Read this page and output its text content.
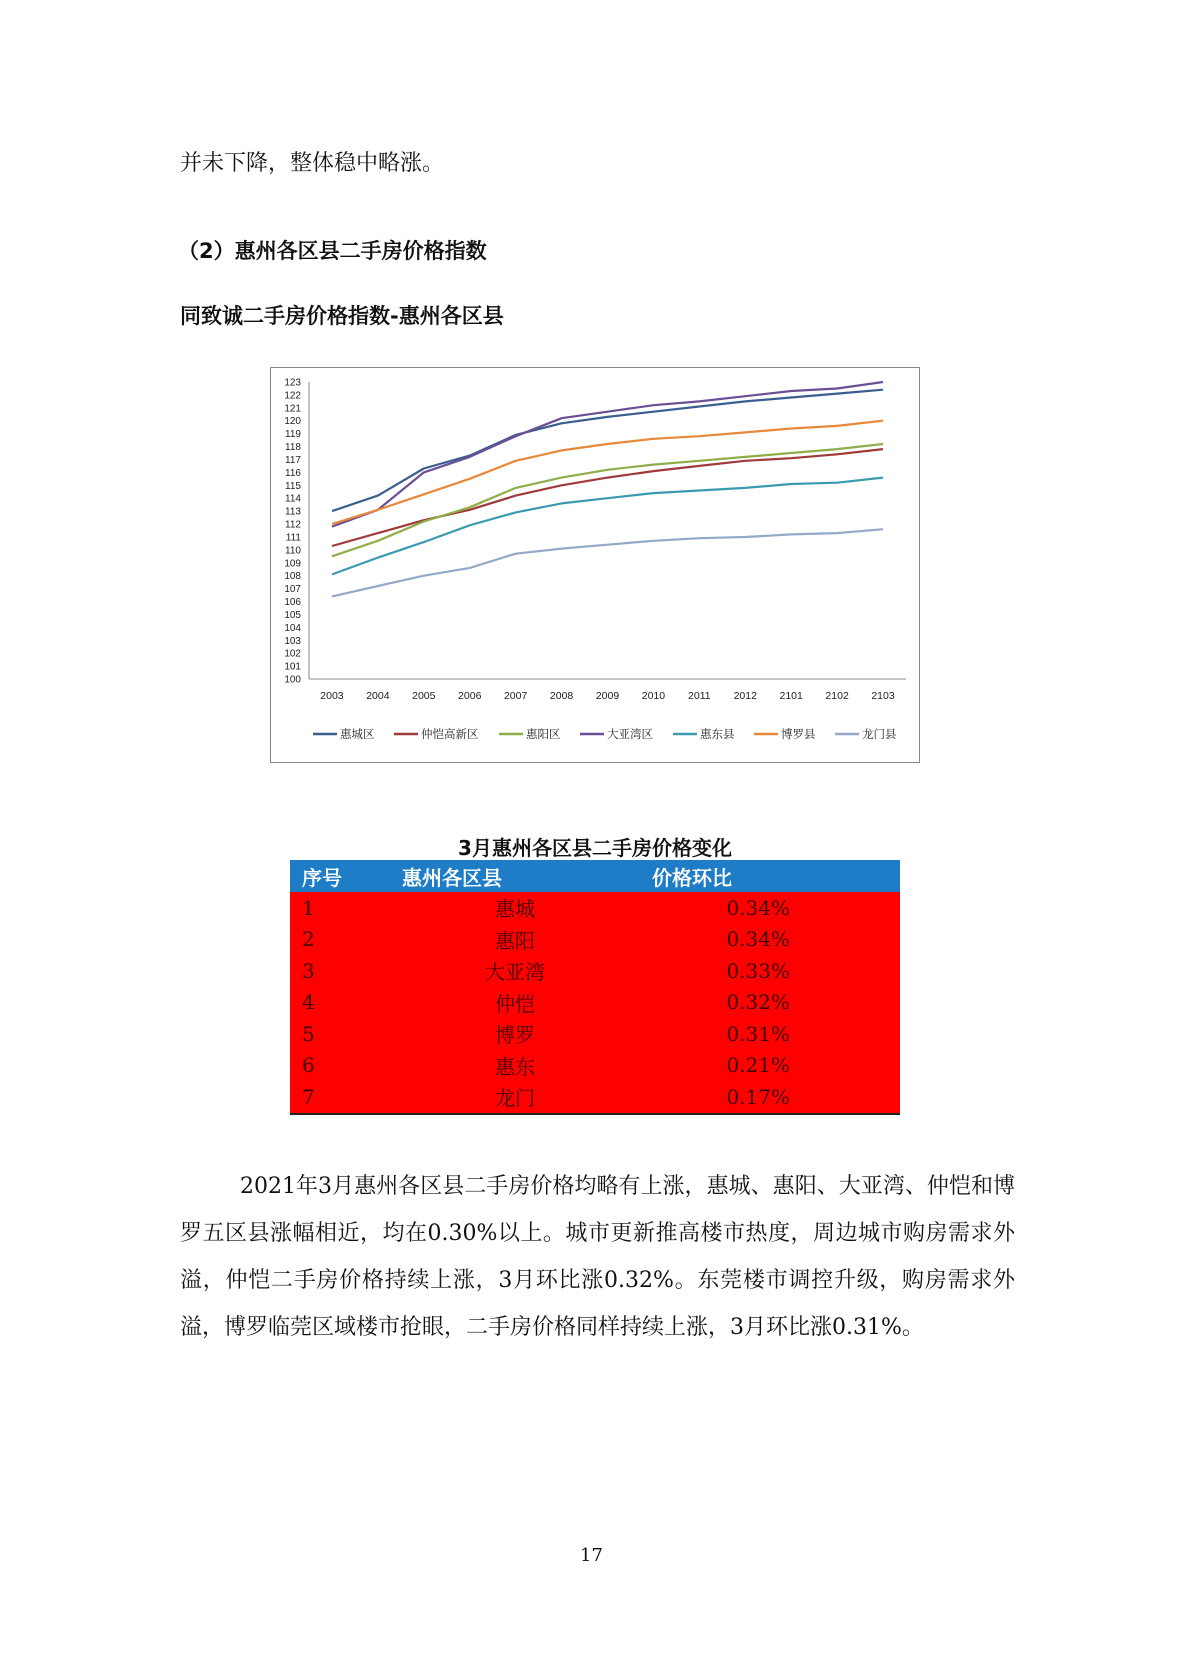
并未下降，整体稳中略涨。
（2）惠州各区县二手房价格指数
同致诚二手房价格指数-惠州各区县
100
101
102
103
104
105
106
107
108
109
110
111
112
113
114
115
116
117
118
119
120
121
122
123
2003 2004 2005 2006 2007 2008 2009 2010 2011 2012 2101 2102 2103
惠城区	仲恺高新区	惠阳区	大亚湾区	惠东县	博罗县	龙门县
3月惠州各区县二手房价格变化
序号	惠州各区县	价格环比
1	惠城	0.34%
2	惠阳	0.34%
3	大亚湾	0.33%
4	仲恺	0.32%
5	博罗	0.31%
6	惠东	0.21%
7	龙门	0.17%
2021年3月惠州各区县二手房价格均略有上涨，惠城、惠阳、大亚湾、仲恺和博罗五区县涨幅相近，均在0.30%以上。城市更新推高楼市热度，周边城市购房需求外溢，仲恺二手房价格持续上涨，3月环比涨0.32%。东莞楼市调控升级，购房需求外溢，博罗临莞区域楼市抢眼，二手房价格同样持续上涨，3月环比涨0.31%。
17
